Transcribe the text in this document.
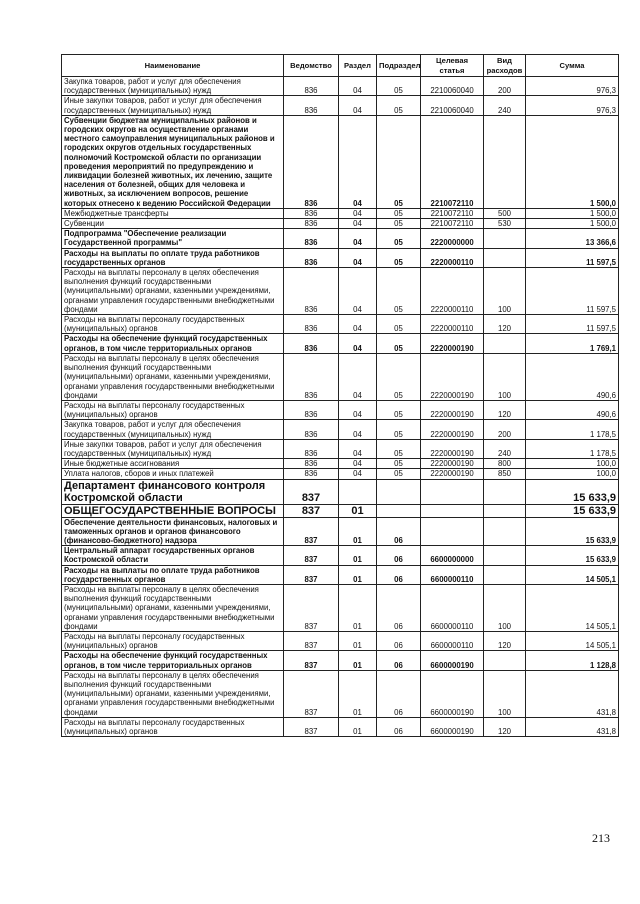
Наименование	Ведомство	Раздел	Подраздел	Целевая статья	Вид расходов	Сумма
Закупка товаров, работ и услуг для обеспечения государственных (муниципальных) нужд	836	04	05	2210060040	200	976,3
Иные закупки товаров, работ и услуг для обеспечения государственных (муниципальных) нужд	836	04	05	2210060040	240	976,3
Субвенции бюджетам муниципальных районов и городских округов на осуществление органами местного самоуправления муниципальных районов и городских округов отдельных государственных полномочий Костромской области по организации проведения мероприятий по предупреждению и ликвидации болезней животных, их лечению, защите населения от болезней, общих для человека и животных, за исключением вопросов, решение которых отнесено к ведению Российской Федерации	836	04	05	2210072110		1 500,0
Межбюджетные трансферты	836	04	05	2210072110	500	1 500,0
Субвенции	836	04	05	2210072110	530	1 500,0
Подпрограмма "Обеспечение реализации Государственной программы"	836	04	05	2220000000		13 366,6
Расходы на выплаты по оплате труда работников государственных органов	836	04	05	2220000110		11 597,5
Расходы на выплаты персоналу в целях обеспечения выполнения функций государственными (муниципальными) органами, казенными учреждениями, органами управления государственными внебюджетными фондами	836	04	05	2220000110	100	11 597,5
Расходы на выплаты персоналу государственных (муниципальных) органов	836	04	05	2220000110	120	11 597,5
Расходы на обеспечение функций государственных органов, в том числе территориальных органов	836	04	05	2220000190		1 769,1
Расходы на выплаты персоналу в целях обеспечения выполнения функций государственными (муниципальными) органами, казенными учреждениями, органами управления государственными внебюджетными фондами	836	04	05	2220000190	100	490,6
Расходы на выплаты персоналу государственных (муниципальных) органов	836	04	05	2220000190	120	490,6
Закупка товаров, работ и услуг для обеспечения государственных (муниципальных) нужд	836	04	05	2220000190	200	1 178,5
Иные закупки товаров, работ и услуг для обеспечения государственных (муниципальных) нужд	836	04	05	2220000190	240	1 178,5
Иные бюджетные ассигнования	836	04	05	2220000190	800	100,0
Уплата налогов, сборов и иных платежей	836	04	05	2220000190	850	100,0
Департамент финансового контроля Костромской области	837					15 633,9
ОБЩЕГОСУДАРСТВЕННЫЕ ВОПРОСЫ	837	01				15 633,9
Обеспечение деятельности финансовых, налоговых и таможенных органов и органов финансового (финансово-бюджетного) надзора	837	01	06			15 633,9
Центральный аппарат государственных органов Костромской области	837	01	06	6600000000		15 633,9
Расходы на выплаты по оплате труда работников государственных органов	837	01	06	6600000110		14 505,1
Расходы на выплаты персоналу в целях обеспечения выполнения функций государственными (муниципальными) органами, казенными учреждениями, органами управления государственными внебюджетными фондами	837	01	06	6600000110	100	14 505,1
Расходы на выплаты персоналу государственных (муниципальных) органов	837	01	06	6600000110	120	14 505,1
Расходы на обеспечение функций государственных органов, в том числе территориальных органов	837	01	06	6600000190		1 128,8
Расходы на выплаты персоналу в целях обеспечения выполнения функций государственными (муниципальными) органами, казенными учреждениями, органами управления государственными внебюджетными фондами	837	01	06	6600000190	100	431,8
Расходы на выплаты персоналу государственных (муниципальных) органов	837	01	06	6600000190	120	431,8
213
